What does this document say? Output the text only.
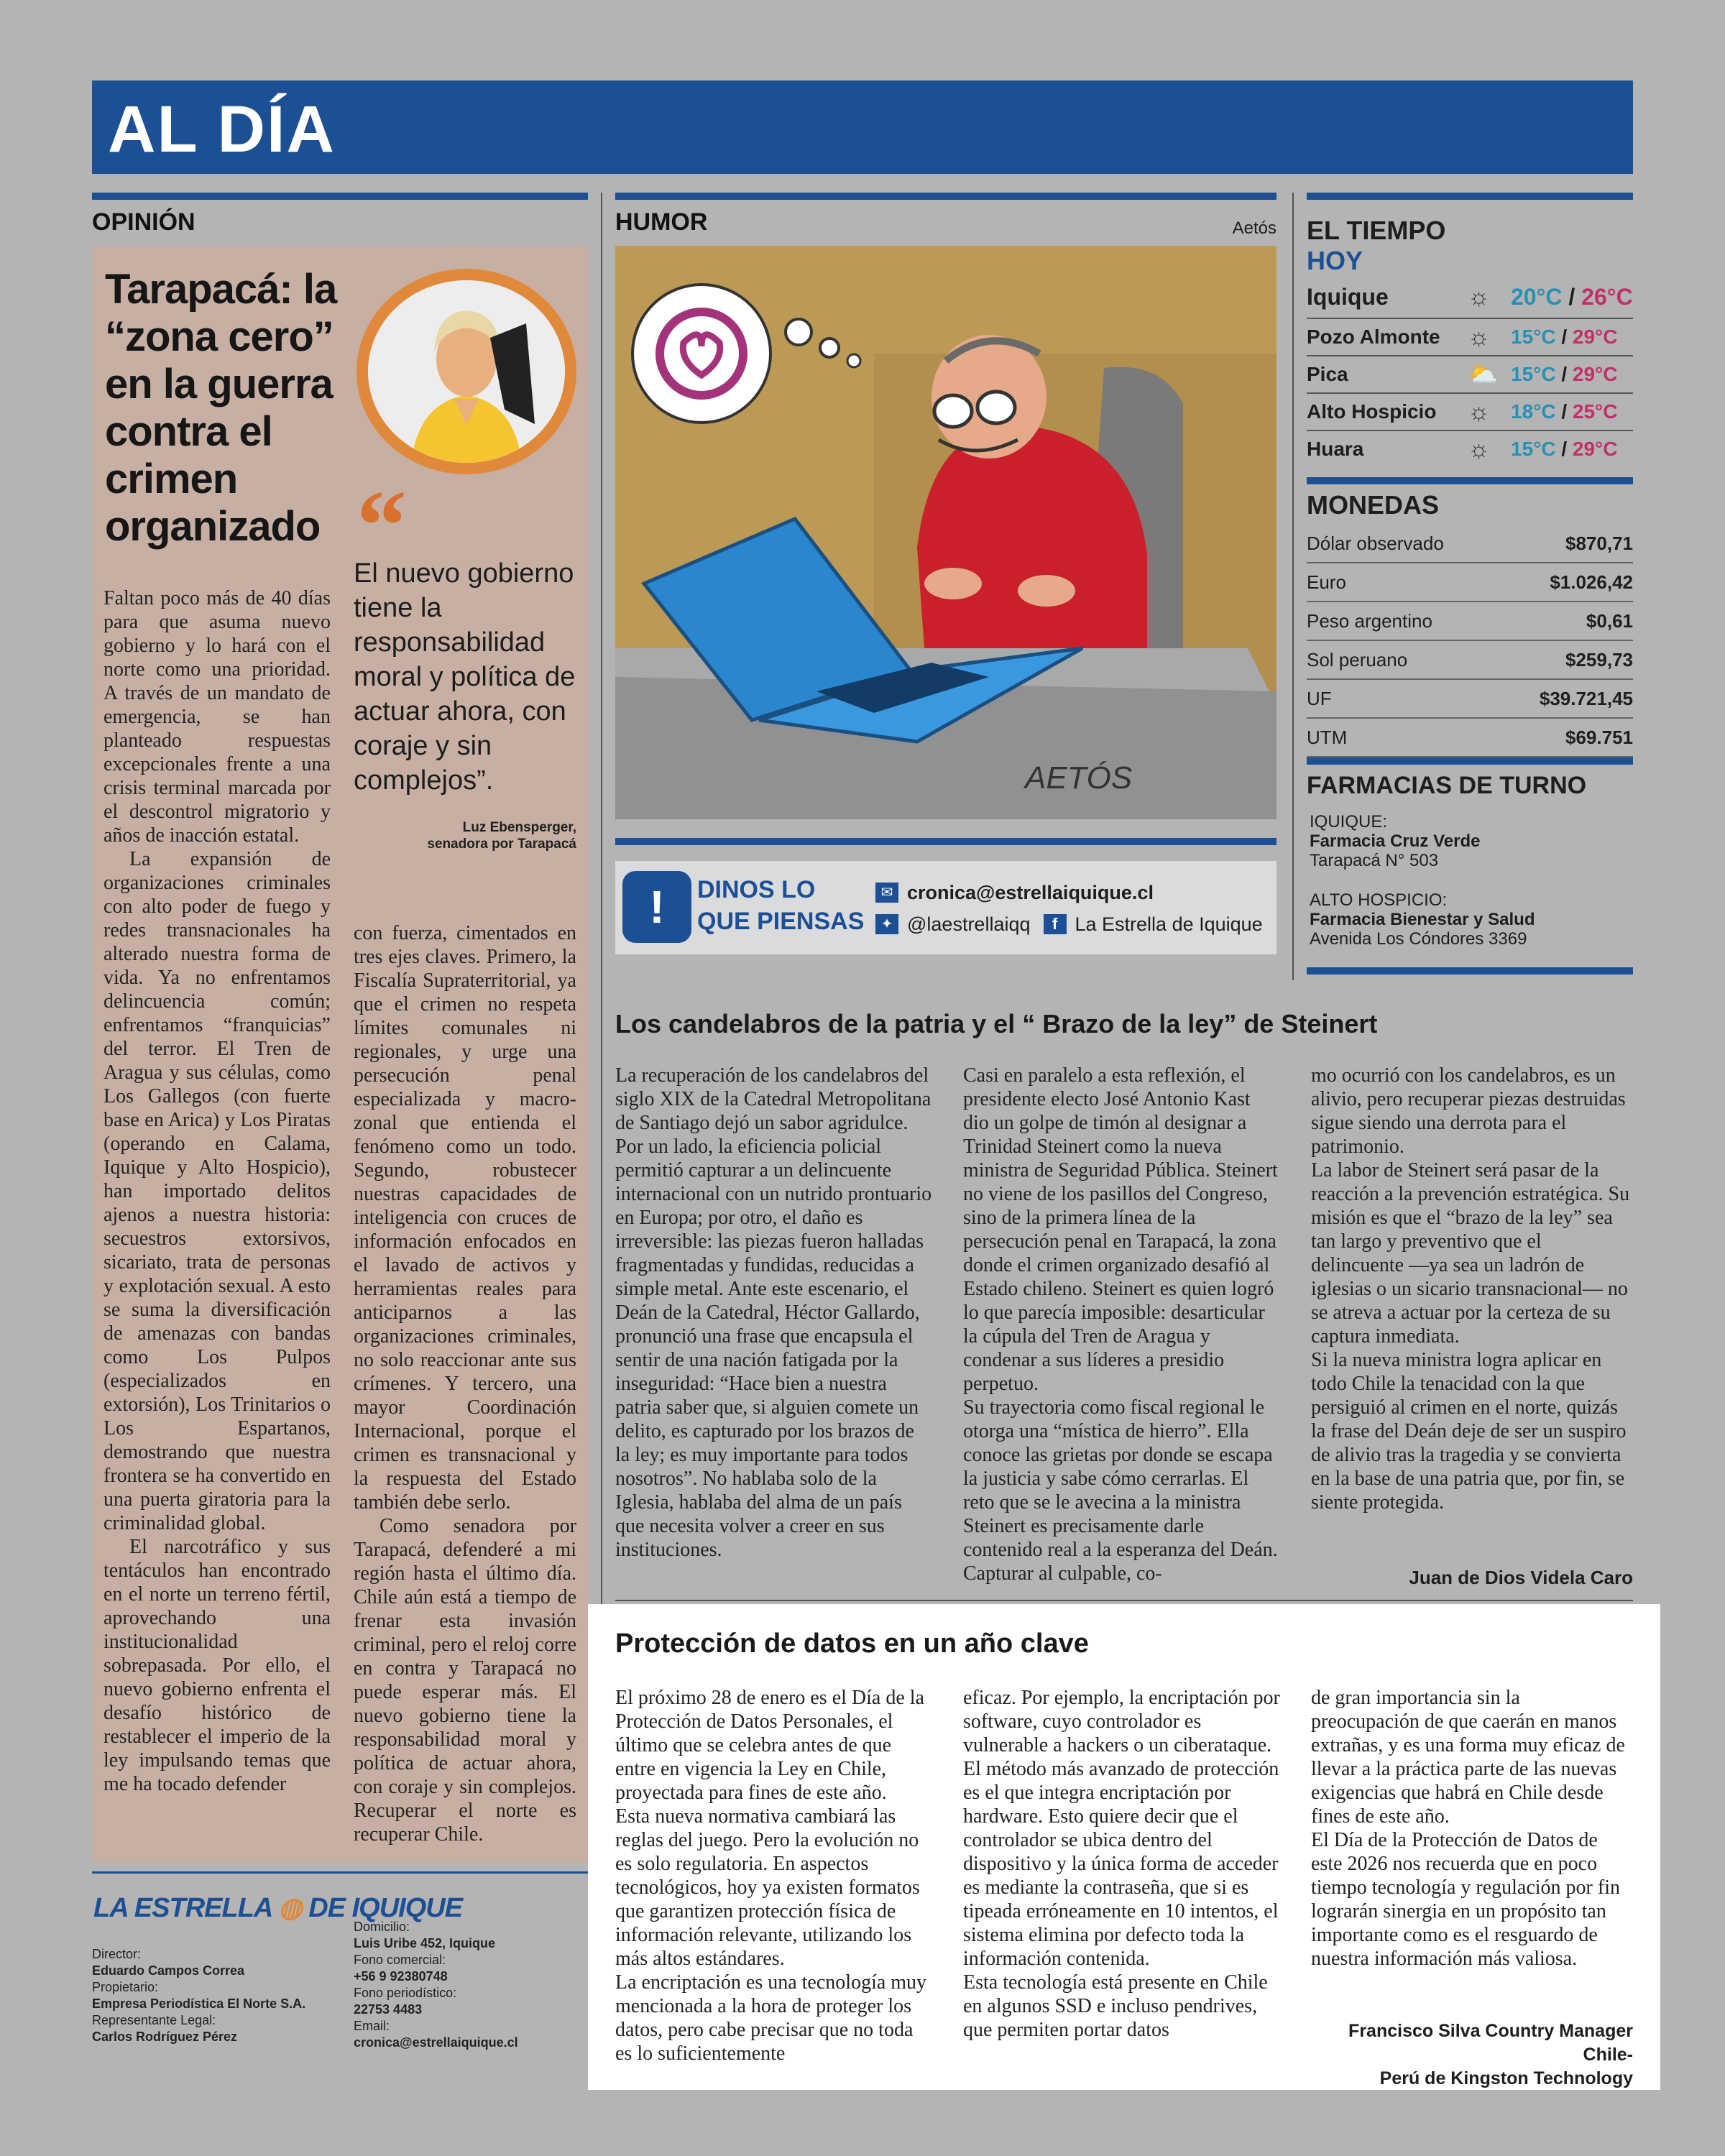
AL DÍA
OPINIÓN
Tarapacá: la “zona cero” en la guerra contra el crimen organizado “
El nuevo gobierno tiene la responsabilidad moral y política de actuar ahora, con coraje y sin complejos”.
Luz Ebensperger,
senadora por Tarapacá

Faltan poco más de 40 días para que asuma nuevo gobierno y lo hará con el norte como una prioridad. A través de un mandato de emergencia, se han planteado respuestas excepcionales frente a una crisis terminal marcada por el descontrol migratorio y años de inacción estatal.

La expansión de organizaciones criminales con alto poder de fuego y redes transnacionales ha alterado nuestra forma de vida. Ya no enfrentamos delincuencia común; enfrentamos “franquicias” del terror. El Tren de Aragua y sus células, como Los Gallegos (con fuerte base en Arica) y Los Piratas (operando en Calama, Iquique y Alto Hospicio), han importado delitos ajenos a nuestra historia: secuestros extorsivos, sicariato, trata de personas y explotación sexual. A esto se suma la diversificación de amenazas con bandas como Los Pulpos (especializados en extorsión), Los Trinitarios o Los Espartanos, demostrando que nuestra frontera se ha convertido en una puerta giratoria para la criminalidad global.

El narcotráfico y sus tentáculos han encontrado en el norte un terreno fértil, aprovechando una institucionalidad sobrepasada. Por ello, el nuevo gobierno enfrenta el desafío histórico de restablecer el imperio de la ley impulsando temas que me ha tocado defender

con fuerza, cimentados en tres ejes claves. Primero, la Fiscalía Supraterritorial, ya que el crimen no respeta límites comunales ni regionales, y urge una persecución penal especializada y macro-zonal que entienda el fenómeno como un todo. Segundo, robustecer nuestras capacidades de inteligencia con cruces de información enfocados en el lavado de activos y herramientas reales para anticiparnos a las organizaciones criminales, no solo reaccionar ante sus crímenes. Y tercero, una mayor Coordinación Internacional, porque el crimen es transnacional y la respuesta del Estado también debe serlo.

Como senadora por Tarapacá, defenderé a mi región hasta el último día. Chile aún está a tiempo de frenar esta invasión criminal, pero el reloj corre en contra y Tarapacá no puede esperar más. El nuevo gobierno tiene la responsabilidad moral y política de actuar ahora, con coraje y sin complejos. Recuperar el norte es recuperar Chile.

LA ESTRELLA ◍ DE IQUIQUE
Director:
Eduardo Campos Correa
Propietario:
Empresa Periodística El Norte S.A.
Representante Legal:
Carlos Rodríguez Pérez
Domicilio:
Luis Uribe 452, Iquique
Fono comercial:
+56 9 92380748
Fono periodístico:
22753 4483
Email:
cronica@estrellaiquique.cl
HUMOR	Aetós
AETÓS
!	DINOS LO
QUE PIENSAS
✉ cronica@estrellaiquique.cl
✦ @laestrellaiqq	f La Estrella de Iquique
EL TIEMPO
HOY
Iquique	☼ 20°C / 26°C
Pozo Almonte	☼	15°C / 29°C
Pica	⛅ 15°C / 29°C
Alto Hospicio	☼	18°C / 25°C
Huara	☼	15°C / 29°C
MONEDAS
Dólar observado	$870,71
Euro	$1.026,42
Peso argentino	$0,61
Sol peruano	$259,73
UF	$39.721,45
UTM	$69.751
FARMACIAS DE TURNO
IQUIQUE:
Farmacia Cruz Verde
Tarapacá N° 503
ALTO HOSPICIO:
Farmacia Bienestar y Salud
Avenida Los Cóndores 3369
Los candelabros de la patria y el “ Brazo de la ley” de Steinert

La recuperación de los candelabros del siglo XIX de la Catedral Metropolitana de Santiago dejó un sabor agridulce. Por un lado, la eficiencia policial permitió capturar a un delincuente internacional con un nutrido prontuario en Europa; por otro, el daño es irreversible: las piezas fueron halladas fragmentadas y fundidas, reducidas a simple metal. Ante este escenario, el Deán de la Catedral, Héctor Gallardo, pronunció una frase que encapsula el sentir de una nación fatigada por la inseguridad: “Hace bien a nuestra patria saber que, si alguien comete un delito, es capturado por los brazos de la ley; es muy importante para todos nosotros”. No hablaba solo de la Iglesia, hablaba del alma de un país que necesita volver a creer en sus instituciones.

Casi en paralelo a esta reflexión, el presidente electo José Antonio Kast dio un golpe de timón al designar a Trinidad Steinert como la nueva ministra de Seguridad Pública. Steinert no viene de los pasillos del Congreso, sino de la primera línea de la persecución penal en Tarapacá, la zona donde el crimen organizado desafió al Estado chileno. Steinert es quien logró lo que parecía imposible: desarticular la cúpula del Tren de Aragua y condenar a sus líderes a presidio perpetuo.

Su trayectoria como fiscal regional le otorga una “mística de hierro”. Ella conoce las grietas por donde se escapa la justicia y sabe cómo cerrarlas. El reto que se le avecina a la ministra Steinert es precisamente darle contenido real a la esperanza del Deán. Capturar al culpable, co-

mo ocurrió con los candelabros, es un alivio, pero recuperar piezas destruidas sigue siendo una derrota para el patrimonio.

La labor de Steinert será pasar de la reacción a la prevención estratégica. Su misión es que el “brazo de la ley” sea tan largo y preventivo que el delincuente —ya sea un ladrón de iglesias o un sicario transnacional— no se atreva a actuar por la certeza de su captura inmediata.

Si la nueva ministra logra aplicar en todo Chile la tenacidad con la que persiguió al crimen en el norte, quizás la frase del Deán deje de ser un suspiro de alivio tras la tragedia y se convierta en la base de una patria que, por fin, se siente protegida.

Juan de Dios Videla Caro
Protección de datos en un año clave

El próximo 28 de enero es el Día de la Protección de Datos Personales, el último que se celebra antes de que entre en vigencia la Ley en Chile, proyectada para fines de este año.

Esta nueva normativa cambiará las reglas del juego. Pero la evolución no es solo regulatoria. En aspectos tecnológicos, hoy ya existen formatos que garantizen protección física de información relevante, utilizando los más altos estándares.

La encriptación es una tecnología muy mencionada a la hora de proteger los datos, pero cabe precisar que no toda es lo suficientemente

eficaz. Por ejemplo, la encriptación por software, cuyo controlador es vulnerable a hackers o un ciberataque.

El método más avanzado de protección es el que integra encriptación por hardware. Esto quiere decir que el controlador se ubica dentro del dispositivo y la única forma de acceder es mediante la contraseña, que si es tipeada erróneamente en 10 intentos, el sistema elimina por defecto toda la información contenida.

Esta tecnología está presente en Chile en algunos SSD e incluso pendrives, que permiten portar datos

de gran importancia sin la preocupación de que caerán en manos extrañas, y es una forma muy eficaz de llevar a la práctica parte de las nuevas exigencias que habrá en Chile desde fines de este año.

El Día de la Protección de Datos de este 2026 nos recuerda que en poco tiempo tecnología y regulación por fin lograrán sinergia en un propósito tan importante como es el resguardo de nuestra información más valiosa.

Francisco Silva Country Manager Chile-
Perú de Kingston Technology
